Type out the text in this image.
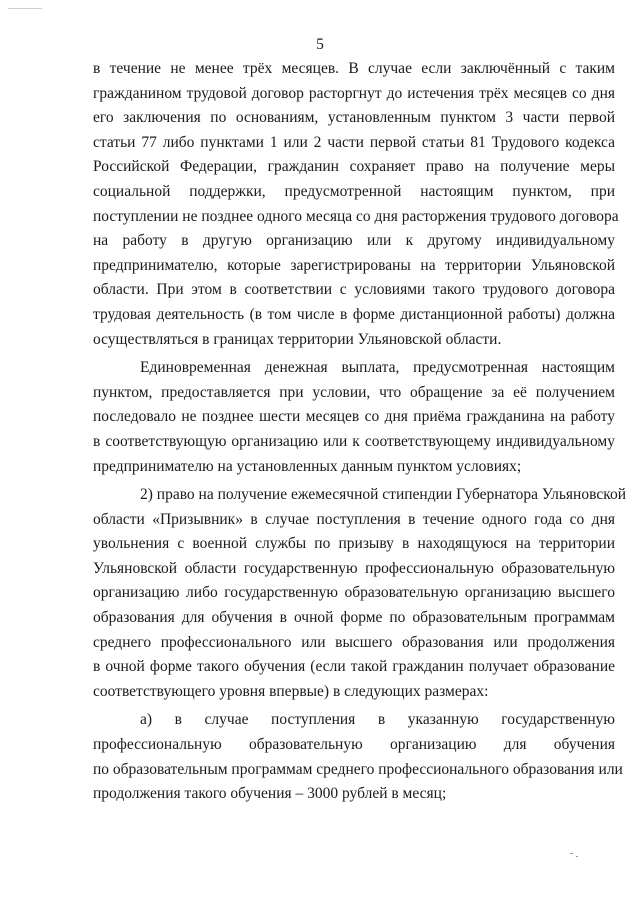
5
в течение не менее трёх месяцев. В случае если заключённый с таким
гражданином трудовой договор расторгнут до истечения трёх месяцев со дня
его заключения по основаниям, установленным пунктом 3 части первой
статьи 77 либо пунктами 1 или 2 части первой статьи 81 Трудового кодекса
Российской Федерации, гражданин сохраняет право на получение меры
социальной поддержки, предусмотренной настоящим пунктом, при
поступлении не позднее одного месяца со дня расторжения трудового договора
на работу в другую организацию или к другому индивидуальному
предпринимателю, которые зарегистрированы на территории Ульяновской
области. При этом в соответствии с условиями такого трудового договора
трудовая деятельность (в том числе в форме дистанционной работы) должна
осуществляться в границах территории Ульяновской области.
Единовременная денежная выплата, предусмотренная настоящим
пунктом, предоставляется при условии, что обращение за её получением
последовало не позднее шести месяцев со дня приёма гражданина на работу
в соответствующую организацию или к соответствующему индивидуальному
предпринимателю на установленных данным пунктом условиях;
2) право на получение ежемесячной стипендии Губернатора Ульяновской
области «Призывник» в случае поступления в течение одного года со дня
увольнения с военной службы по призыву в находящуюся на территории
Ульяновской области государственную профессиональную образовательную
организацию либо государственную образовательную организацию высшего
образования для обучения в очной форме по образовательным программам
среднего профессионального или высшего образования или продолжения
в очной форме такого обучения (если такой гражданин получает образование
соответствующего уровня впервые) в следующих размерах:
а) в случае поступления в указанную государственную
профессиональную образовательную организацию для обучения
по образовательным программам среднего профессионального образования или
продолжения такого обучения – 3000 рублей в месяц;
